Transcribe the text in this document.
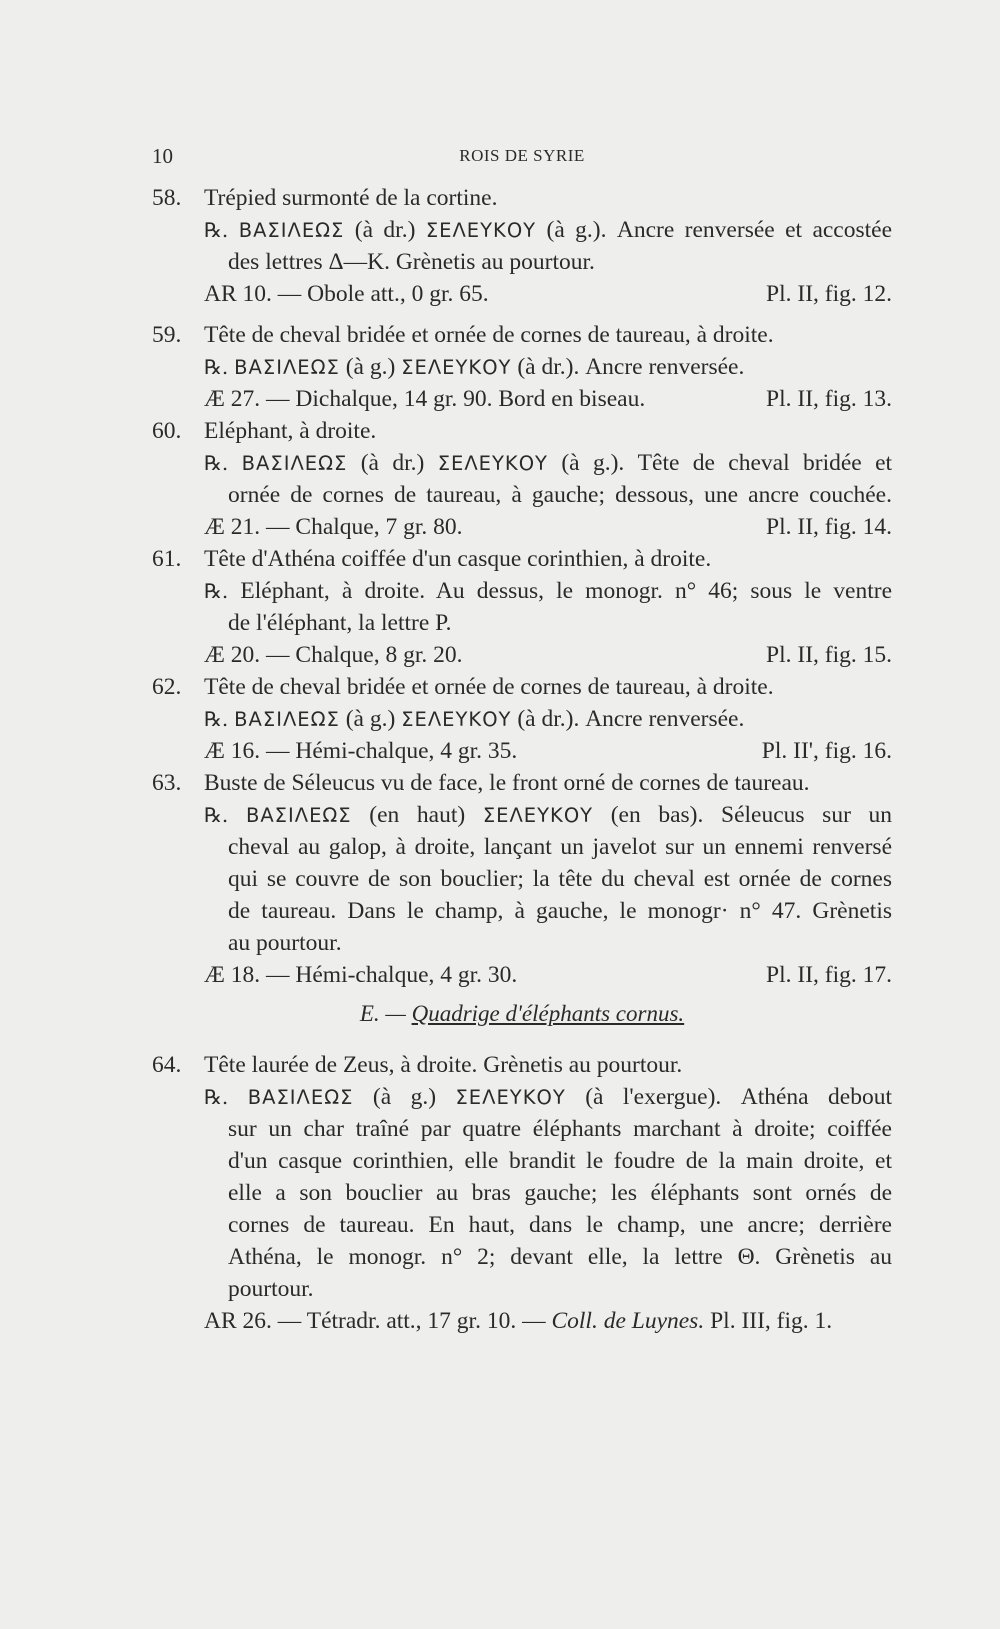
10	ROIS DE SYRIE
58. Trépied surmonté de la cortine.
℞. ΒΑΣΙΛΕΩΣ (à dr.) ΣΕΛΕΥΚΟΥ (à g.). Ancre renversée et accostée
des lettres Δ—K. Grènetis au pourtour.
AR 10. — Obole att., 0 gr. 65.	Pl. II, fig. 12.
59. Tête de cheval bridée et ornée de cornes de taureau, à droite.
℞. ΒΑΣΙΛΕΩΣ (à g.) ΣΕΛΕΥΚΟΥ (à dr.). Ancre renversée.
Æ 27. — Dichalque, 14 gr. 90. Bord en biseau.	Pl. II, fig. 13.
60. Eléphant, à droite.
℞. ΒΑΣΙΛΕΩΣ (à dr.) ΣΕΛΕΥΚΟΥ (à g.). Tête de cheval bridée et
ornée de cornes de taureau, à gauche; dessous, une ancre couchée.
Æ 21. — Chalque, 7 gr. 80.	Pl. II, fig. 14.
61. Tête d'Athéna coiffée d'un casque corinthien, à droite.
℞. Eléphant, à droite. Au dessus, le monogr. n° 46; sous le ventre
de l'éléphant, la lettre P.
Æ 20. — Chalque, 8 gr. 20.	Pl. II, fig. 15.
62. Tête de cheval bridée et ornée de cornes de taureau, à droite.
℞. ΒΑΣΙΛΕΩΣ (à g.) ΣΕΛΕΥΚΟΥ (à dr.). Ancre renversée.
Æ 16. — Hémi-chalque, 4 gr. 35.	Pl. II', fig. 16.
63. Buste de Séleucus vu de face, le front orné de cornes de taureau.
℞. ΒΑΣΙΛΕΩΣ (en haut) ΣΕΛΕΥΚΟΥ (en bas). Séleucus sur un
cheval au galop, à droite, lançant un javelot sur un ennemi renversé
qui se couvre de son bouclier; la tête du cheval est ornée de cornes
de taureau. Dans le champ, à gauche, le monogr· n° 47. Grènetis
au pourtour.
Æ 18. — Hémi-chalque, 4 gr. 30.	Pl. II, fig. 17.
E. — Quadrige d'éléphants cornus.
64. Tête laurée de Zeus, à droite. Grènetis au pourtour.
℞. ΒΑΣΙΛΕΩΣ (à g.) ΣΕΛΕΥΚΟΥ (à l'exergue). Athéna debout
sur un char traîné par quatre éléphants marchant à droite; coiffée
d'un casque corinthien, elle brandit le foudre de la main droite, et
elle a son bouclier au bras gauche; les éléphants sont ornés de
cornes de taureau. En haut, dans le champ, une ancre; derrière
Athéna, le monogr. n° 2; devant elle, la lettre Θ. Grènetis au
pourtour.
AR 26. — Tétradr. att., 17 gr. 10. — Coll. de Luynes. Pl. III, fig. 1.
